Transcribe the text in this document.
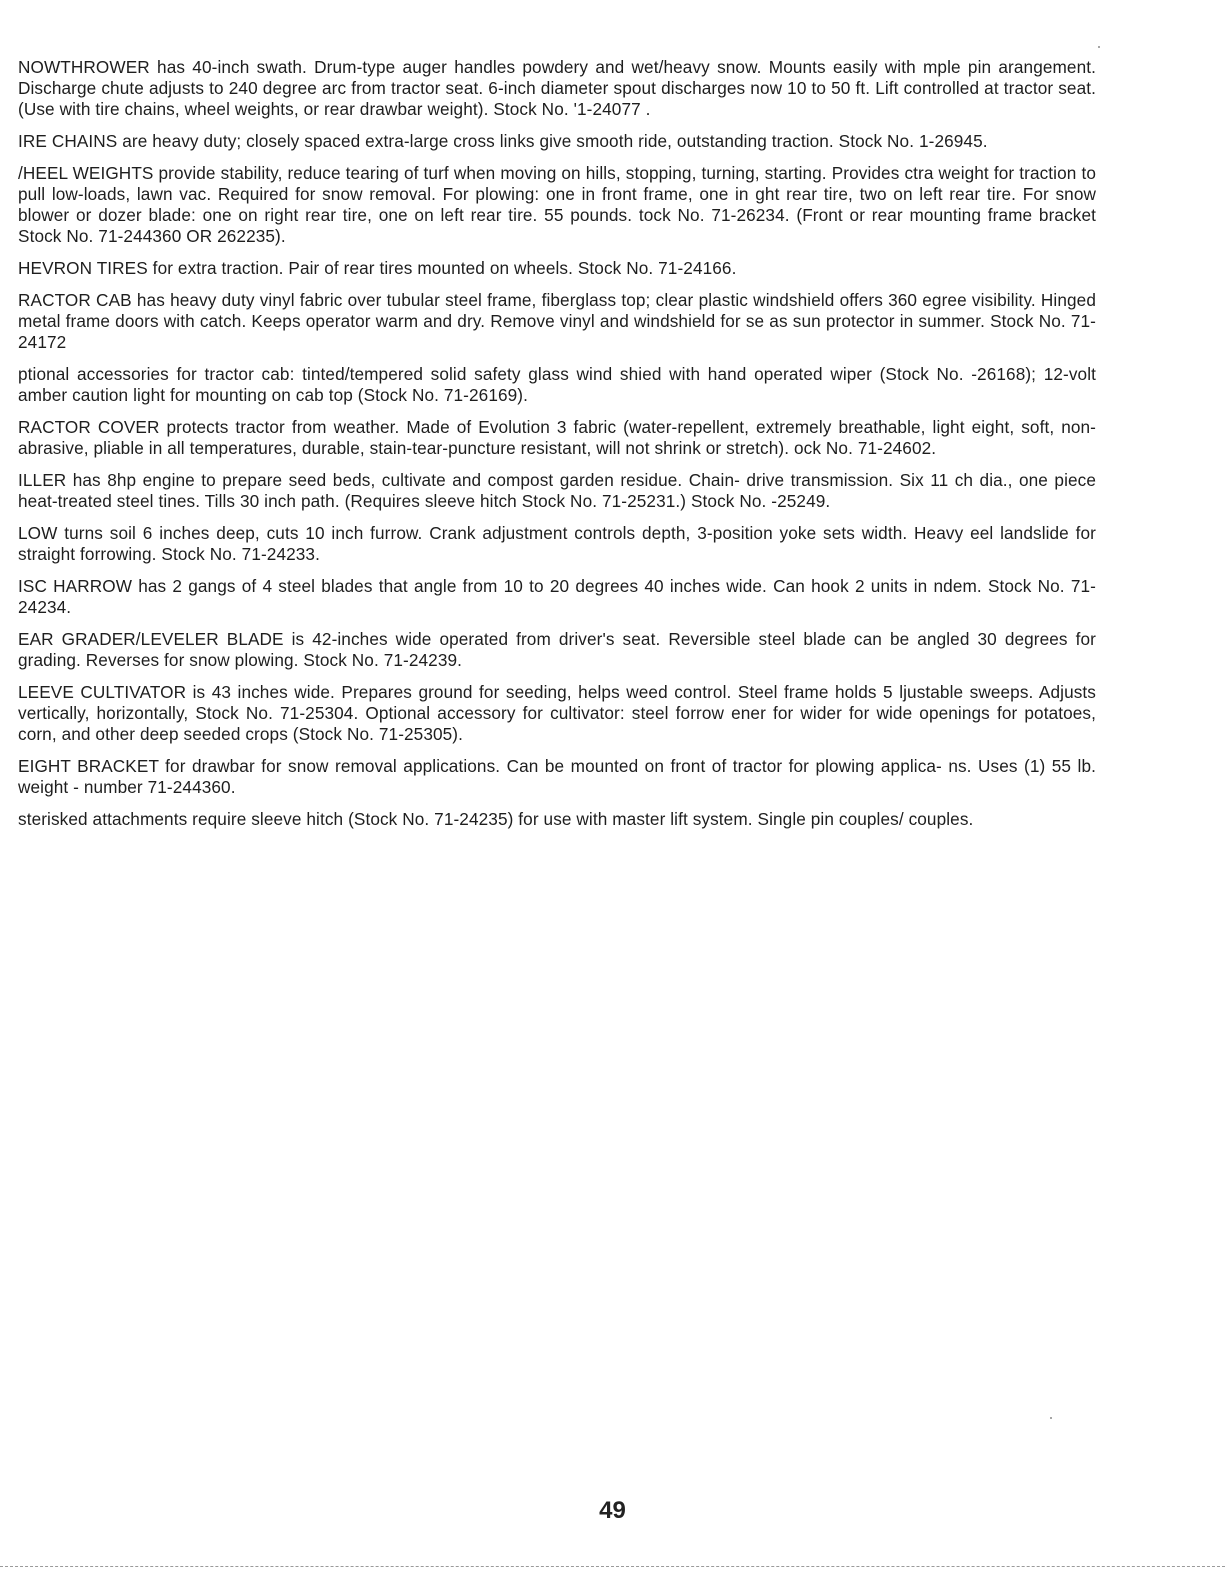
NOWTHROWER has 40-inch swath. Drum-type auger handles powdery and wet/heavy snow. Mounts easily with mple pin arangement. Discharge chute adjusts to 240 degree arc from tractor seat. 6-inch diameter spout discharges now 10 to 50 ft. Lift controlled at tractor seat. (Use with tire chains, wheel weights, or rear drawbar weight). Stock No. '1-24077 .

IRE CHAINS are heavy duty; closely spaced extra-large cross links give smooth ride, outstanding traction. Stock No. 1-26945.

/HEEL WEIGHTS provide stability, reduce tearing of turf when moving on hills, stopping, turning, starting. Provides ctra weight for traction to pull low-loads, lawn vac. Required for snow removal. For plowing: one in front frame, one in ght rear tire, two on left rear tire. For snow blower or dozer blade: one on right rear tire, one on left rear tire. 55 pounds. tock No. 71-26234. (Front or rear mounting frame bracket Stock No. 71-244360 OR 262235).

HEVRON TIRES for extra traction. Pair of rear tires mounted on wheels. Stock No. 71-24166.

RACTOR CAB has heavy duty vinyl fabric over tubular steel frame, fiberglass top; clear plastic windshield offers 360 egree visibility. Hinged metal frame doors with catch. Keeps operator warm and dry. Remove vinyl and windshield for se as sun protector in summer. Stock No. 71-24172

ptional accessories for tractor cab: tinted/tempered solid safety glass wind shied with hand operated wiper (Stock No. -26168); 12-volt amber caution light for mounting on cab top (Stock No. 71-26169).

RACTOR COVER protects tractor from weather. Made of Evolution 3 fabric (water-repellent, extremely breathable, light eight, soft, non-abrasive, pliable in all temperatures, durable, stain-tear-puncture resistant, will not shrink or stretch). ock No. 71-24602.

ILLER has 8hp engine to prepare seed beds, cultivate and compost garden residue. Chain- drive transmission. Six 11 ch dia., one piece heat-treated steel tines. Tills 30 inch path. (Requires sleeve hitch Stock No. 71-25231.) Stock No. -25249.

LOW turns soil 6 inches deep, cuts 10 inch furrow. Crank adjustment controls depth, 3-position yoke sets width. Heavy eel landslide for straight forrowing. Stock No. 71-24233.

ISC HARROW has 2 gangs of 4 steel blades that angle from 10 to 20 degrees 40 inches wide. Can hook 2 units in ndem. Stock No. 71-24234.

EAR GRADER/LEVELER BLADE is 42-inches wide operated from driver's seat. Reversible steel blade can be angled 30 degrees for grading. Reverses for snow plowing. Stock No. 71-24239.

LEEVE CULTIVATOR is 43 inches wide. Prepares ground for seeding, helps weed control. Steel frame holds 5 ljustable sweeps. Adjusts vertically, horizontally, Stock No. 71-25304. Optional accessory for cultivator: steel forrow ener for wider for wide openings for potatoes, corn, and other deep seeded crops (Stock No. 71-25305).

EIGHT BRACKET for drawbar for snow removal applications. Can be mounted on front of tractor for plowing applica- ns. Uses (1) 55 lb. weight - number 71-244360.

sterisked attachments require sleeve hitch (Stock No. 71-24235) for use with master lift system. Single pin couples/ couples.

49
